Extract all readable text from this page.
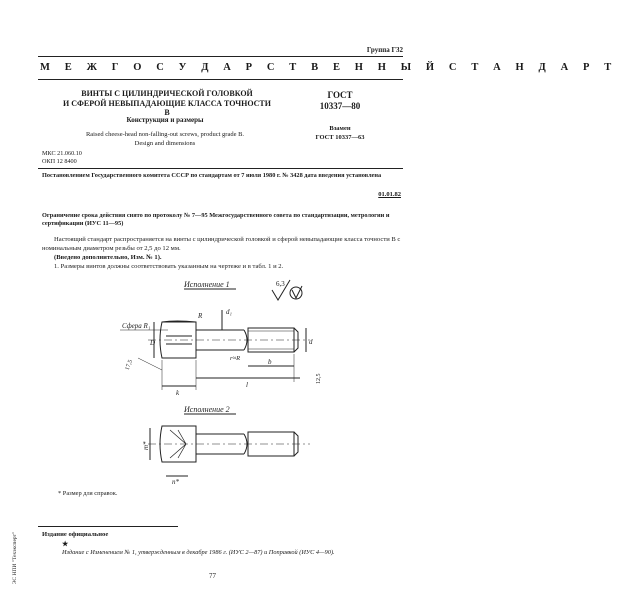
Группа Г32
М Е Ж Г О С У Д А Р С Т В Е Н Н Ы Й С Т А Н Д А Р Т
ВИНТЫ С ЦИЛИНДРИЧЕСКОЙ ГОЛОВКОЙ
И СФЕРОЙ НЕВЫПАДАЮЩИЕ КЛАССА ТОЧНОСТИ В
Конструкция и размеры
Raised cheese-head non-falling-out screws, product grade B.
Design and dimensions
ГОСТ
10337—80
Взамен
ГОСТ 10337—63
МКС 21.060.10
ОКП 12 8400
Постановлением Государственного комитета СССР по стандартам от 7 июля 1980 г. № 3428 дата введения установлена
01.01.82
Ограничение срока действия снято по протоколу № 7—95 Межгосударственного совета по стандартизации, метрологии и сертификации (ИУС 11—95)
Настоящий стандарт распространяется на винты с цилиндрической головкой и сферой невыпадающие класса точности В с номинальным диаметром резьбы от 2,5 до 12 мм.
(Введено дополнительно, Изм. № 1).
1. Размеры винтов должны соответствовать указанным на чертеже и в табл. 1 и 2.
Исполнение 1	6,3
Сфера R₁
R
D
d₁
d
r≈R	b
l
k
17,5
12,5
Исполнение 2
m*
n*
* Размер для справок.
Издание официальное
★
Издание с Изменением № 1, утвержденным в декабре 1986 г. (ИУС 2—87) и Поправкой (ИУС 4—90).
77
ЭС НПИ "Техэксперт"
